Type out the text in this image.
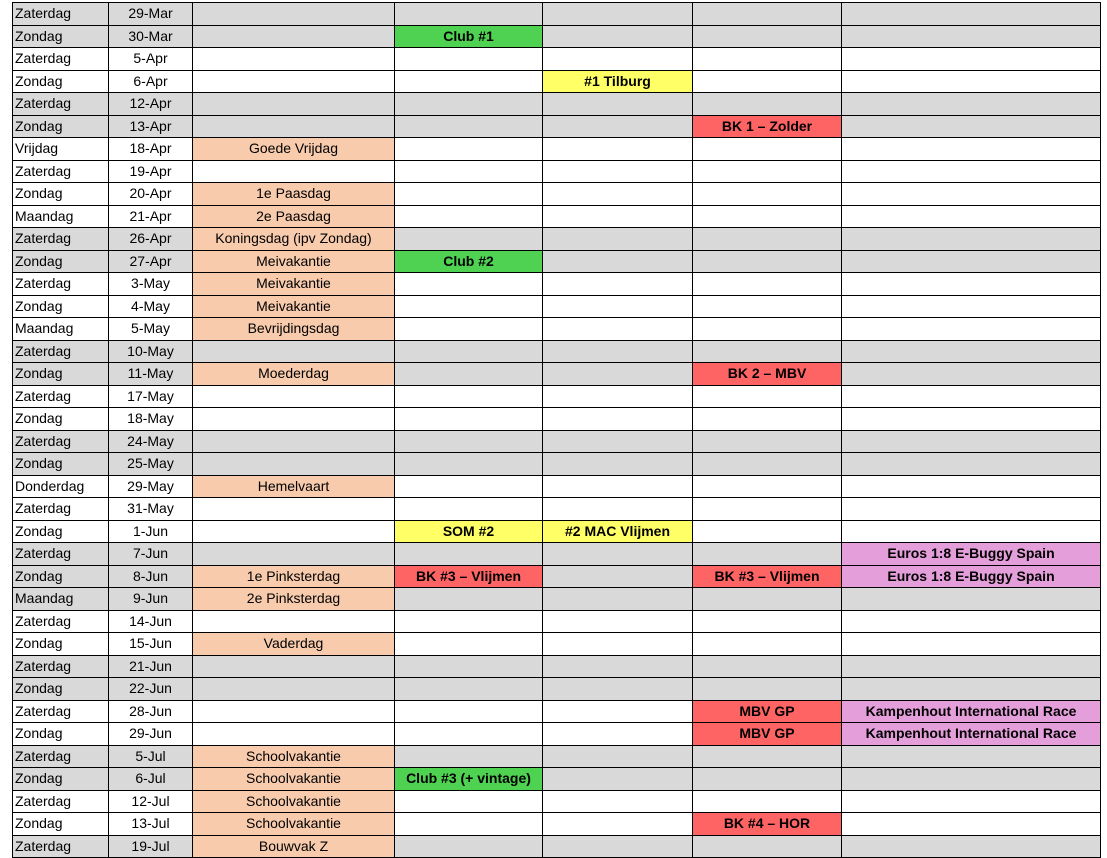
Zaterdag	29-Mar					
Zondag	30-Mar		Club #1			
Zaterdag	5-Apr					
Zondag	6-Apr			#1 Tilburg		
Zaterdag	12-Apr					
Zondag	13-Apr				BK 1 – Zolder	
Vrijdag	18-Apr	Goede Vrijdag				
Zaterdag	19-Apr					
Zondag	20-Apr	1e Paasdag				
Maandag	21-Apr	2e Paasdag				
Zaterdag	26-Apr	Koningsdag (ipv Zondag)				
Zondag	27-Apr	Meivakantie	Club #2			
Zaterdag	3-May	Meivakantie				
Zondag	4-May	Meivakantie				
Maandag	5-May	Bevrijdingsdag				
Zaterdag	10-May					
Zondag	11-May	Moederdag			BK 2 – MBV	
Zaterdag	17-May					
Zondag	18-May					
Zaterdag	24-May					
Zondag	25-May					
Donderdag	29-May	Hemelvaart				
Zaterdag	31-May					
Zondag	1-Jun		SOM #2	#2 MAC Vlijmen		
Zaterdag	7-Jun					Euros 1:8 E-Buggy Spain
Zondag	8-Jun	1e Pinksterdag	BK #3 – Vlijmen		BK #3 – Vlijmen	Euros 1:8 E-Buggy Spain
Maandag	9-Jun	2e Pinksterdag				
Zaterdag	14-Jun					
Zondag	15-Jun	Vaderdag				
Zaterdag	21-Jun					
Zondag	22-Jun					
Zaterdag	28-Jun				MBV GP	Kampenhout International Race
Zondag	29-Jun				MBV GP	Kampenhout International Race
Zaterdag	5-Jul	Schoolvakantie				
Zondag	6-Jul	Schoolvakantie	Club #3 (+ vintage)			
Zaterdag	12-Jul	Schoolvakantie				
Zondag	13-Jul	Schoolvakantie			BK #4 – HOR	
Zaterdag	19-Jul	Bouwvak Z				
